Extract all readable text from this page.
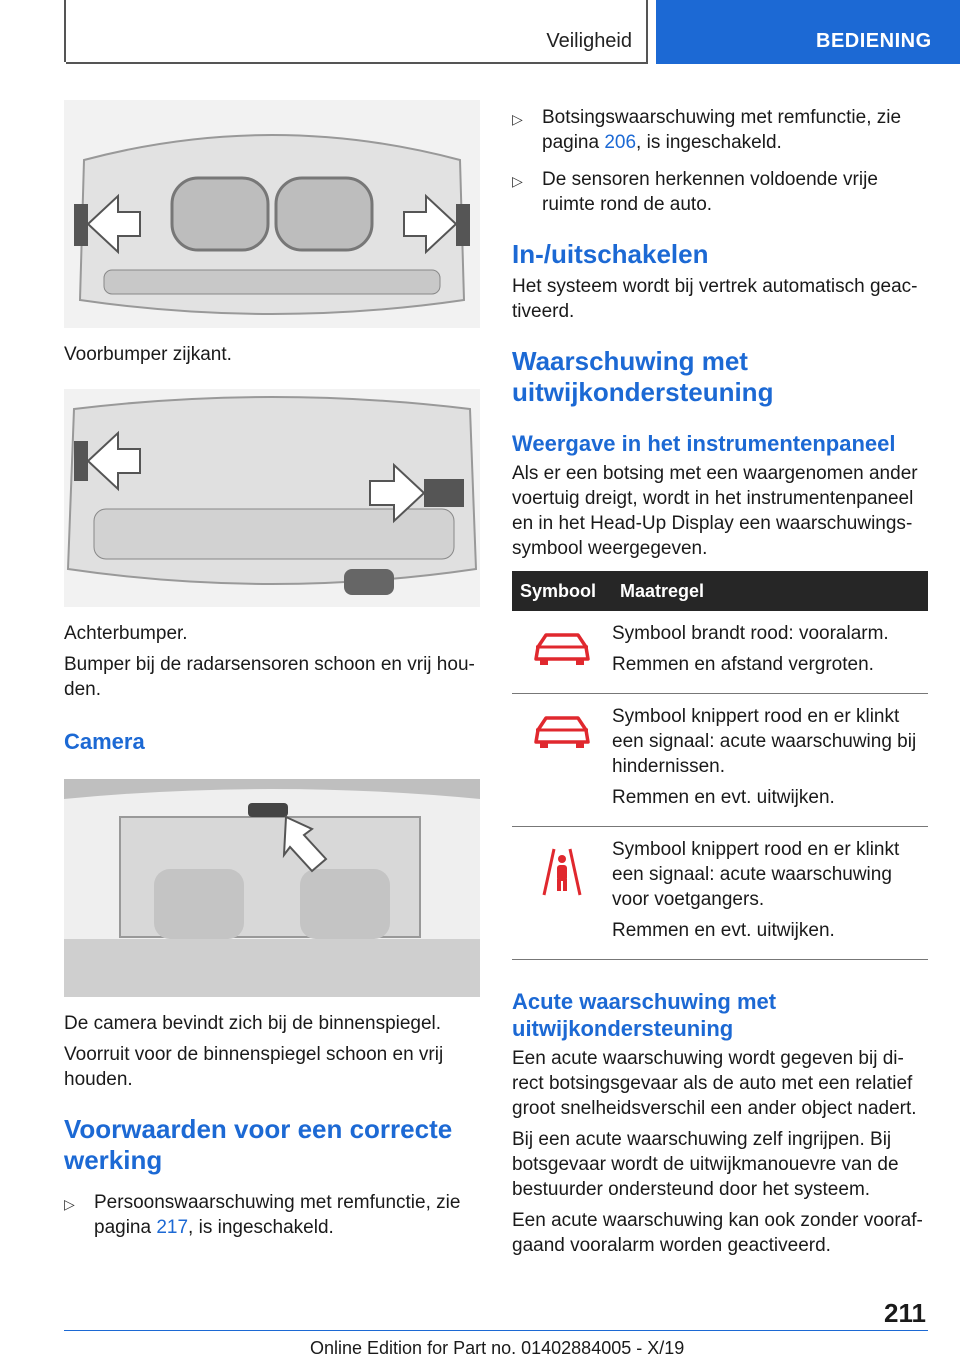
Veiligheid	BEDIENING
Voorbumper zijkant.
Achterbumper.

Bumper bij de radarsensoren schoon en vrij houden.

Camera

De camera bevindt zich bij de binnenspiegel.

Voorruit voor de binnenspiegel schoon en vrij houden.

Voorwaarden voor een correcte werking
▷ Persoonswaarschuwing met remfunctie, zie pagina 217, is ingeschakeld.
▷ Botsingswaarschuwing met remfunctie, zie pagina 206, is ingeschakeld.
▷ De sensoren herkennen voldoende vrije ruimte rond de auto.
In-/uitschakelen

Het systeem wordt bij vertrek automatisch geactiveerd.

Waarschuwing met uitwijkondersteuning
Weergave in het instrumentenpaneel

Als er een botsing met een waargenomen ander voertuig dreigt, wordt in het instrumentenpaneel en in het Head-Up Display een waarschuwingssymbool weergegeven.

Symbool	Maatregel

Symbool brandt rood: vooralarm.
Remmen en afstand vergroten.

Symbool knippert rood en er klinkt een signaal: acute waarschuwing bij hindernissen.
Remmen en evt. uitwijken.

Symbool knippert rood en er klinkt een signaal: acute waarschuwing voor voetgangers.
Remmen en evt. uitwijken.
Acute waarschuwing met uitwijkondersteuning

Een acute waarschuwing wordt gegeven bij direct botsingsgevaar als de auto met een relatief groot snelheidsverschil een ander object nadert.

Bij een acute waarschuwing zelf ingrijpen. Bij botsgevaar wordt de uitwijkmanouevre van de bestuurder ondersteund door het systeem.

Een acute waarschuwing kan ook zonder voorafgaand vooralarm worden geactiveerd.

211
Online Edition for Part no. 01402884005 - X/19
